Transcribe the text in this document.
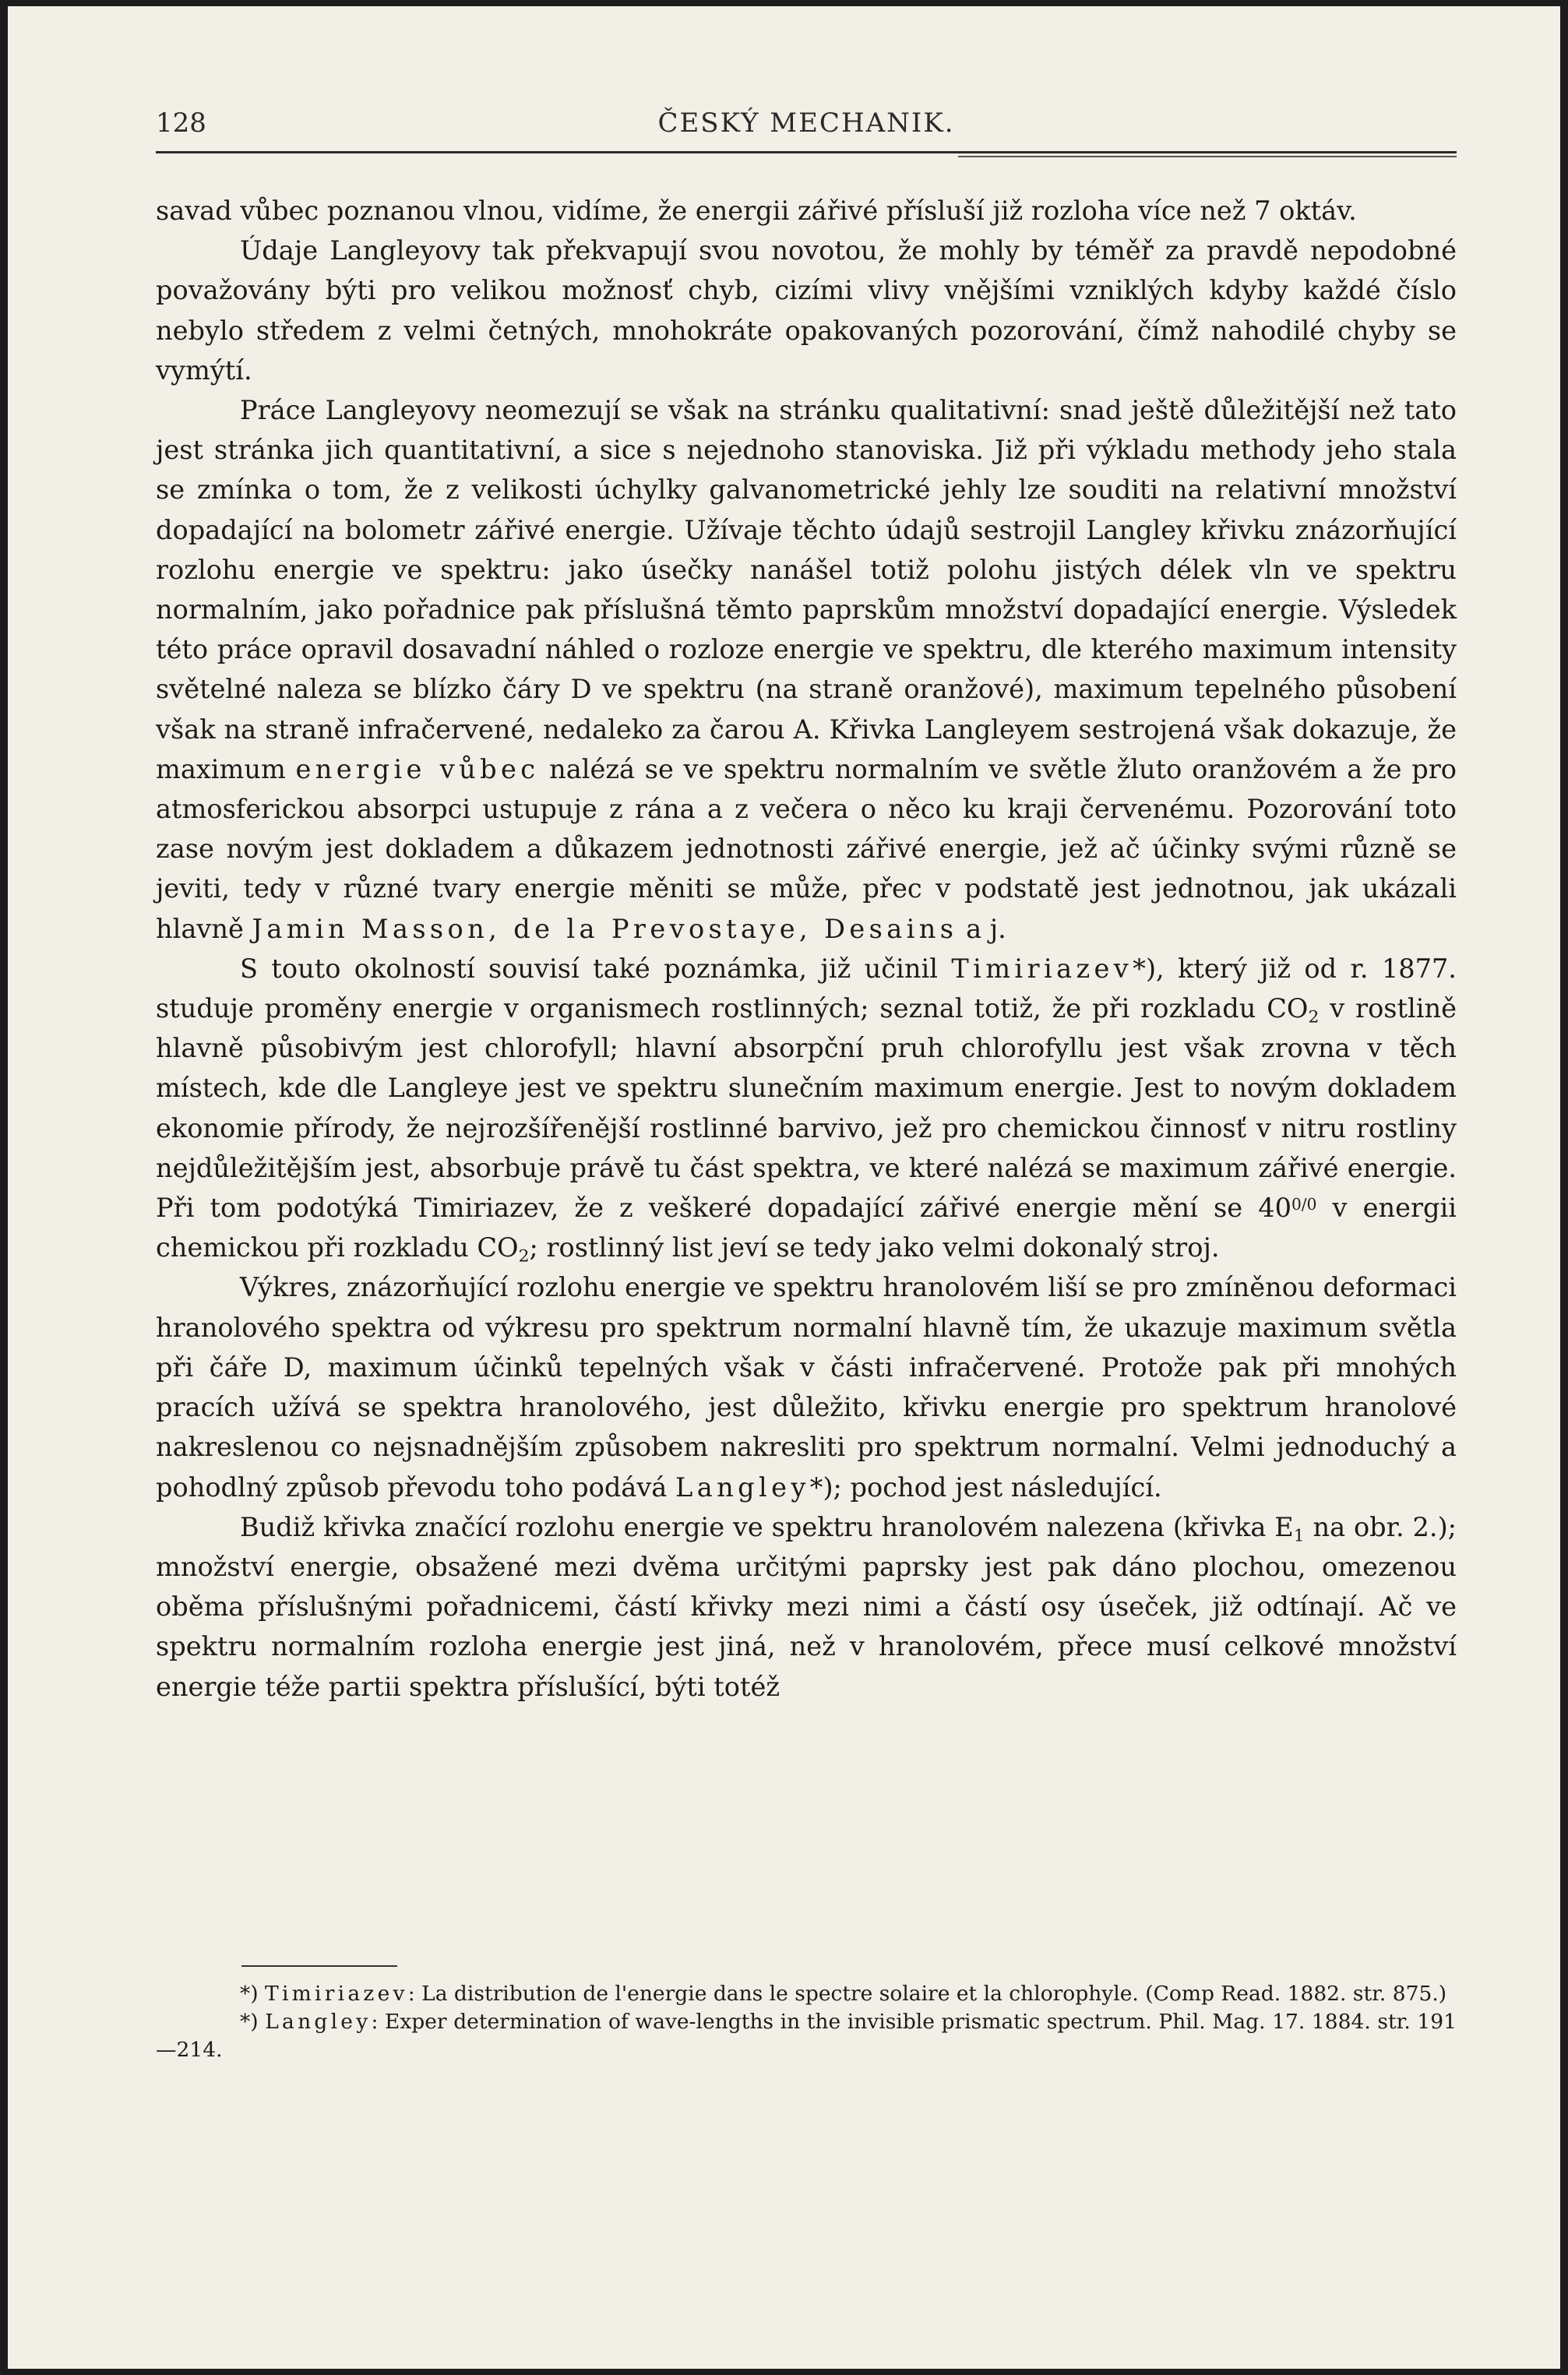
128	ČESKÝ MECHANIK.

savad vůbec poznanou vlnou, vidíme, že energii zářivé přísluší již rozloha více než 7 oktáv.

Údaje Langleyovy tak překvapují svou novotou, že mohly by téměř za pravdě nepodobné považovány býti pro velikou možnosť chyb, cizími vlivy vnějšími vzniklých kdyby každé číslo nebylo středem z velmi četných, mnohokráte opakovaných pozorování, čímž nahodilé chyby se vymýtí.

Práce Langleyovy neomezují se však na stránku qualitativní: snad ještě důležitější než tato jest stránka jich quantitativní, a sice s nejednoho stanoviska. Již při výkladu methody jeho stala se zmínka o tom, že z velikosti úchylky galvanometrické jehly lze souditi na relativní množství dopadající na bolometr zářivé energie. Užívaje těchto údajů sestrojil Langley křivku znázorňující rozlohu energie ve spektru: jako úsečky nanášel totiž polohu jistých délek vln ve spektru normalním, jako pořadnice pak příslušná těmto paprskům množství dopadající energie. Výsledek této práce opravil dosavadní náhled o rozloze energie ve spektru, dle kterého maximum intensity světelné naleza se blízko čáry D ve spektru (na straně oranžové), maximum tepelného působení však na straně infračervené, nedaleko za čarou A. Křivka Langleyem sestrojená však dokazuje, že maximum energie vůbec nalézá se ve spektru normalním ve světle žluto oranžovém a že pro atmosferickou absorpci ustupuje z rána a z večera o něco ku kraji červenému. Pozorování toto zase novým jest dokladem a důkazem jednotnosti zářivé energie, jež ač účinky svými různě se jeviti, tedy v různé tvary energie měniti se může, přec v podstatě jest jednotnou, jak ukázali hlavně Jamin Masson, de la Prevostaye, Desains a j.

S touto okolností souvisí také poznámka, již učinil Timiriazev*), který již od r. 1877. studuje proměny energie v organismech rostlinných; seznal totiž, že při rozkladu $CO_2$ v rostlině hlavně působivým jest chlorofyll; hlavní absorpční pruh chlorofyllu jest však zrovna v těch místech, kde dle Langleye jest ve spektru slunečním maximum energie. Jest to novým dokladem ekonomie přírody, že nejrozšířenější rostlinné barvivo, jež pro chemickou činnosť v nitru rostliny nejdůležitějším jest, absorbuje právě tu část spektra, ve které nalézá se maximum zářivé energie. Při tom podotýká Timiriazev, že z veškeré dopadající zářivé energie mění se $40^{0/0}$ v energii chemickou při rozkladu $CO_2$; rostlinný list jeví se tedy jako velmi dokonalý stroj.

Výkres, znázorňující rozlohu energie ve spektru hranolovém liší se pro zmíněnou deformaci hranolového spektra od výkresu pro spektrum normalní hlavně tím, že ukazuje maximum světla při čáře D, maximum účinků tepelných však v části infračervené. Protože pak při mnohých pracích užívá se spektra hranolového, jest důležito, křivku energie pro spektrum hranolové nakreslenou co nejsnadnějším způsobem nakresliti pro spektrum normalní. Velmi jednoduchý a pohodlný způsob převodu toho podává Langley*); pochod jest následující.

Budiž křivka značící rozlohu energie ve spektru hranolovém nalezena (křivka $E_1$ na obr. 2.); množství energie, obsažené mezi dvěma určitými paprsky jest pak dáno plochou, omezenou oběma příslušnými pořadnicemi, částí křivky mezi nimi a částí osy úseček, již odtínají. Ač ve spektru normalním rozloha energie jest jiná, než v hranolovém, přece musí celkové množství energie téže partii spektra příslušící, býti totéž

*) Timiriazev: La distribution de l'energie dans le spectre solaire et la chlorophyle. (Comp Read. 1882. str. 875.)

*) Langley: Exper determination of wave-lengths in the invisible prismatic spectrum. Phil. Mag. 17. 1884. str. 191—214.
